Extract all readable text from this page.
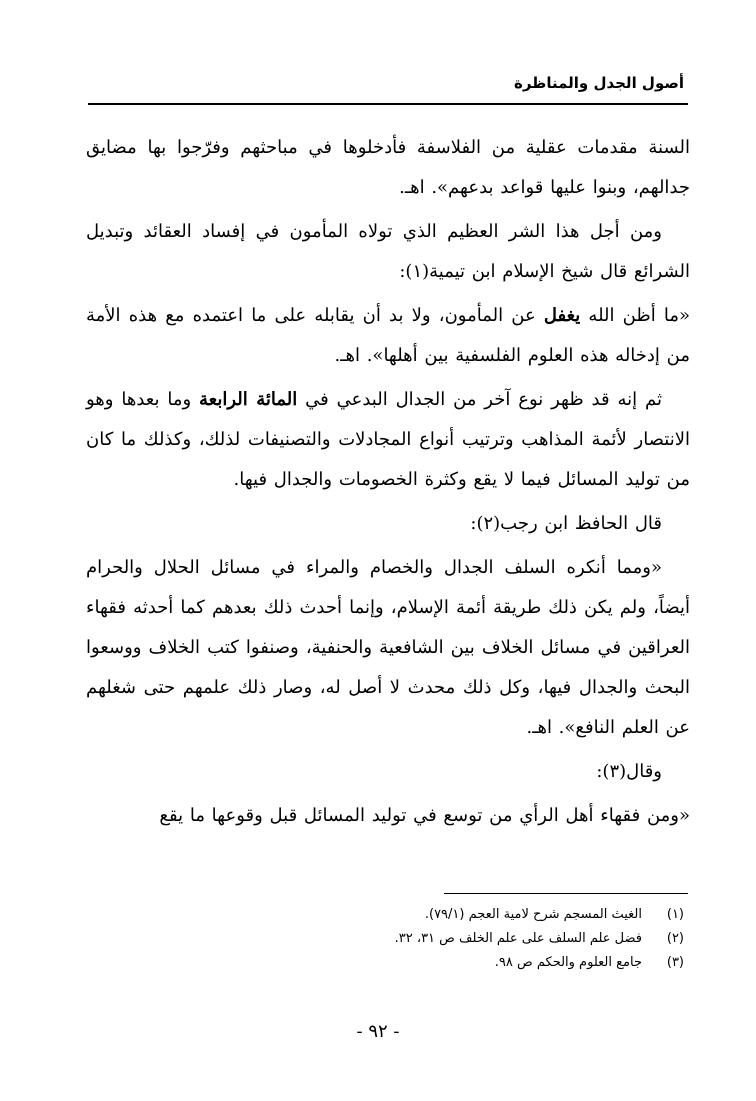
أصول الجدل والمناظرة

السنة مقدمات عقلية من الفلاسفة فأدخلوها في مباحثهم وفرّجوا بها مضايق جدالهم، وبنوا عليها قواعد بدعهم». اهـ.

ومن أجل هذا الشر العظيم الذي تولاه المأمون في إفساد العقائد وتبديل الشرائع قال شيخ الإسلام ابن تيمية(١):

«ما أظن الله يغفل عن المأمون، ولا بد أن يقابله على ما اعتمده مع هذه الأمة من إدخاله هذه العلوم الفلسفية بين أهلها». اهـ.

ثم إنه قد ظهر نوع آخر من الجدال البدعي في المائة الرابعة وما بعدها وهو الانتصار لأئمة المذاهب وترتيب أنواع المجادلات والتصنيفات لذلك، وكذلك ما كان من توليد المسائل فيما لا يقع وكثرة الخصومات والجدال فيها.

قال الحافظ ابن رجب(٢):

«ومما أنكره السلف الجدال والخصام والمراء في مسائل الحلال والحرام أيضاً، ولم يكن ذلك طريقة أئمة الإسلام، وإنما أحدث ذلك بعدهم كما أحدثه فقهاء العراقين في مسائل الخلاف بين الشافعية والحنفية، وصنفوا كتب الخلاف ووسعوا البحث والجدال فيها، وكل ذلك محدث لا أصل له، وصار ذلك علمهم حتى شغلهم عن العلم النافع». اهـ.

وقال(٣):

«ومن فقهاء أهل الرأي من توسع في توليد المسائل قبل وقوعها ما يقع

(١)
الغيث المسجم شرح لامية العجم (٧٩/١).
(٢)
فضل علم السلف على علم الخلف ص ٣١، ٣٢.
(٣)
جامع العلوم والحكم ص ٩٨.
- ٩٢ -
